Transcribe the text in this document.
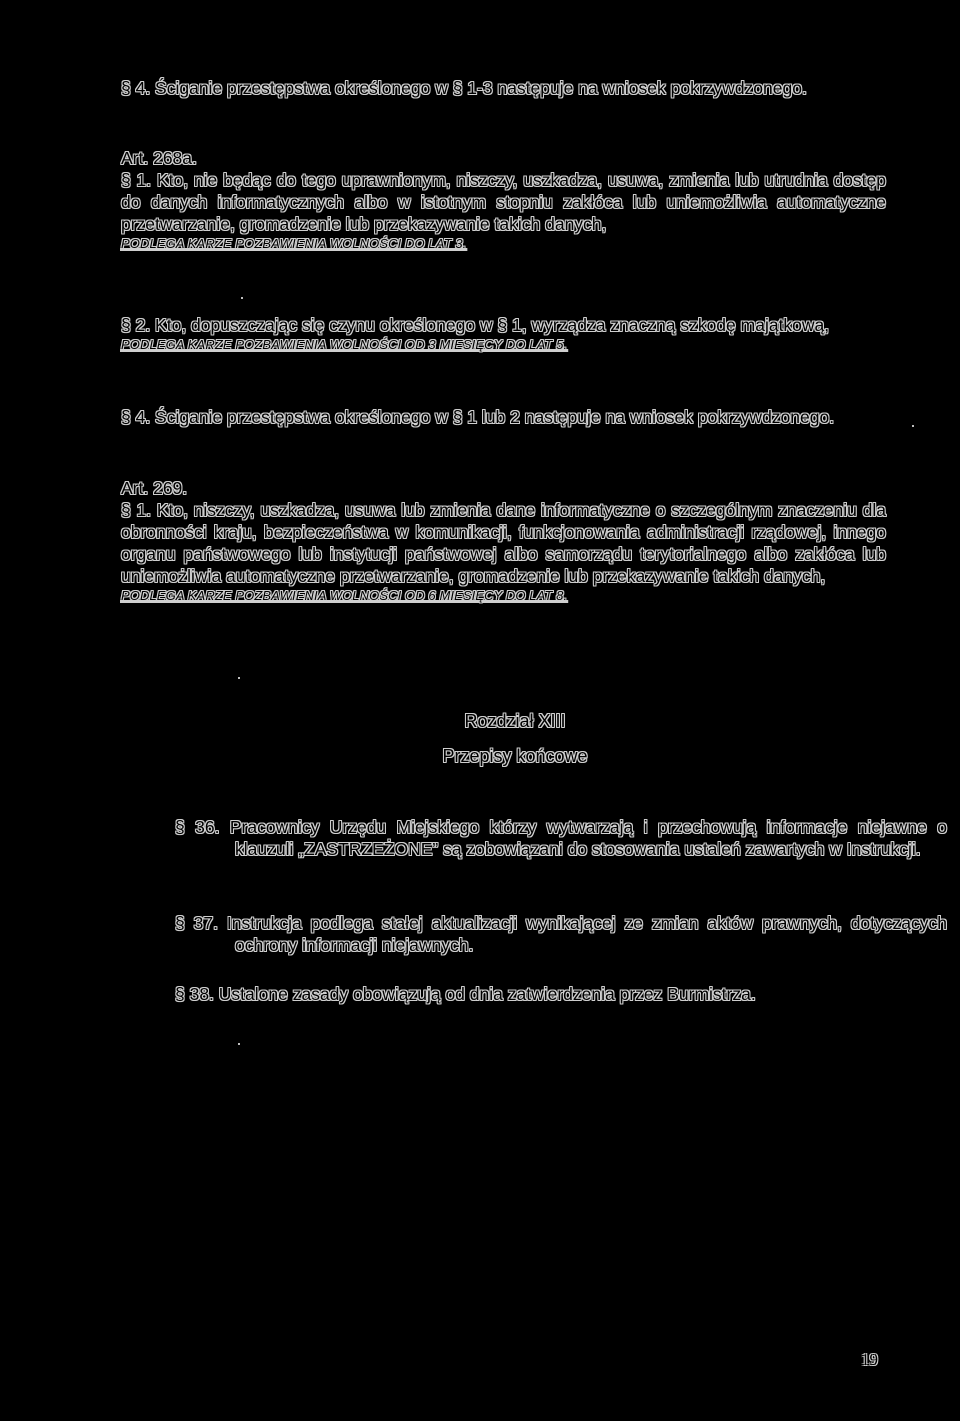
§ 4. Ściganie przestępstwa określonego w § 1-3 następuje na wniosek pokrzywdzonego.
Art. 268a.
§ 1. Kto, nie będąc do tego uprawnionym, niszczy, uszkadza, usuwa, zmienia lub utrudnia dostęp do danych informatycznych albo w istotnym stopniu zakłóca lub uniemożliwia automatyczne przetwarzanie, gromadzenie lub przekazywanie takich danych,
PODLEGA KARZE POZBAWIENIA WOLNOŚCI DO LAT 3.
§ 2. Kto, dopuszczając się czynu określonego w § 1, wyrządza znaczną szkodę majątkową,
PODLEGA KARZE POZBAWIENIA WOLNOŚCI OD 3 MIESIĘCY DO LAT 5.
§ 4. Ściganie przestępstwa określonego w § 1 lub 2 następuje na wniosek pokrzywdzonego.
Art. 269.
§ 1. Kto, niszczy, uszkadza, usuwa lub zmienia dane informatyczne o szczególnym znaczeniu dla obronności kraju, bezpieczeństwa w komunikacji, funkcjonowania administracji rządowej, innego organu państwowego lub instytucji państwowej albo samorządu terytorialnego albo zakłóca lub uniemożliwia automatyczne przetwarzanie, gromadzenie lub przekazywanie takich danych,
PODLEGA KARZE POZBAWIENIA WOLNOŚCI OD 6 MIESIĘCY DO LAT 8.
Rozdział XIII
Przepisy końcowe
§ 36. Pracownicy Urzędu Miejskiego którzy wytwarzają i przechowują informacje niejawne o klauzuli „ZASTRZEŻONE” są zobowiązani do stosowania ustaleń zawartych w Instrukcji.
§ 37. Instrukcja podlega stałej aktualizacji wynikającej ze zmian aktów prawnych, dotyczących ochrony informacji niejawnych.
§ 38. Ustalone zasady obowiązują od dnia zatwierdzenia przez Burmistrza.
19
